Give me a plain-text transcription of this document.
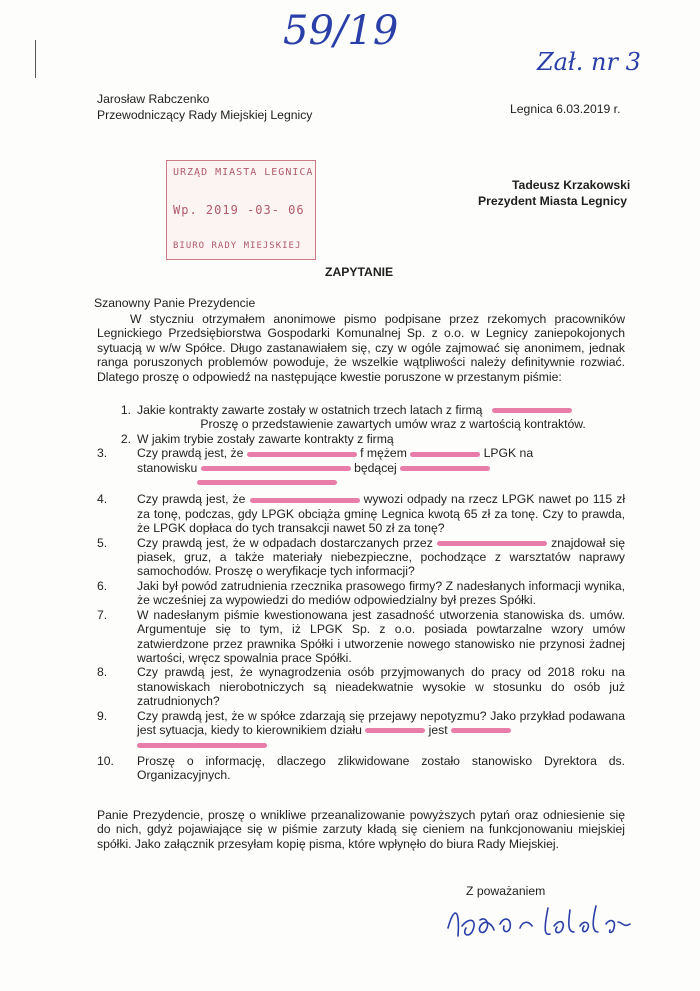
59/19
Zał. nr 3
Jarosław Rabczenko
Przewodniczący Rady Miejskiej Legnicy	Legnica 6.03.2019 r.
URZĄD MIASTA LEGNICA
Wp. 2019 -03- 06
BIURO RADY MIEJSKIEJ
Tadeusz Krzakowski
Prezydent Miasta Legnicy
ZAPYTANIE
Szanowny Panie Prezydencie
W styczniu otrzymałem anonimowe pismo podpisane przez rzekomych pracowników Legnickiego Przedsiębiorstwa Gospodarki Komunalnej Sp. z o.o. w Legnicy zaniepokojonych sytuacją w w/w Spółce. Długo zastanawiałem się, czy w ogóle zajmować się anonimem, jednak ranga poruszonych problemów powoduje, że wszelkie wątpliwości należy definitywnie rozwiać. Dlatego proszę o odpowiedź na następujące kwestie poruszone w przestanym piśmie:
1. Jakie kontrakty zawarte zostały w ostatnich trzech latach z firmą
Proszę o przedstawienie zawartych umów wraz z wartością kontraktów.
2. W jakim trybie zostały zawarte kontrakty z firmą
3.	Czy prawdą jest, że	f mężem	LPGK na
stanowisku	będącej

4.	Czy prawdą jest, że	wywozi odpady na rzecz LPGK nawet po 115 zł za tonę, podczas, gdy LPGK obciąża gminę Legnica kwotą 65 zł za tonę. Czy to prawda, że LPGK dopłaca do tych transakcji nawet 50 zł za tonę?
5.	Czy prawdą jest, że w odpadach dostarczanych przez	znajdował się piasek, gruz, a także materiały niebezpieczne, pochodzące z warsztatów naprawy samochodów. Proszę o weryfikacje tych informacji?
6.	Jaki był powód zatrudnienia rzecznika prasowego firmy? Z nadesłanych informacji wynika, że wcześniej za wypowiedzi do mediów odpowiedzialny był prezes Spółki.
7.	W nadesłanym piśmie kwestionowana jest zasadność utworzenia stanowiska ds. umów. Argumentuje się to tym, iż LPGK Sp. z o.o. posiada powtarzalne wzory umów zatwierdzone przez prawnika Spółki i utworzenie nowego stanowisko nie przynosi żadnej wartości, wręcz spowalnia prace Spółki.
8.	Czy prawdą jest, że wynagrodzenia osób przyjmowanych do pracy od 2018 roku na stanowiskach nierobotniczych są nieadekwatnie wysokie w stosunku do osób już zatrudnionych?
9.	Czy prawdą jest, że w spółce zdarzają się przejawy nepotyzmu? Jako przykład podawana jest sytuacja, kiedy to kierownikiem działu	jest

10.	Proszę o informację, dlaczego zlikwidowane zostało stanowisko Dyrektora ds. Organizacyjnych.
Panie Prezydencie, proszę o wnikliwe przeanalizowanie powyższych pytań oraz odniesienie się do nich, gdyż pojawiające się w piśmie zarzuty kładą się cieniem na funkcjonowaniu miejskiej spółki. Jako załącznik przesyłam kopię pisma, które wpłynęło do biura Rady Miejskiej.
Z poważaniem
